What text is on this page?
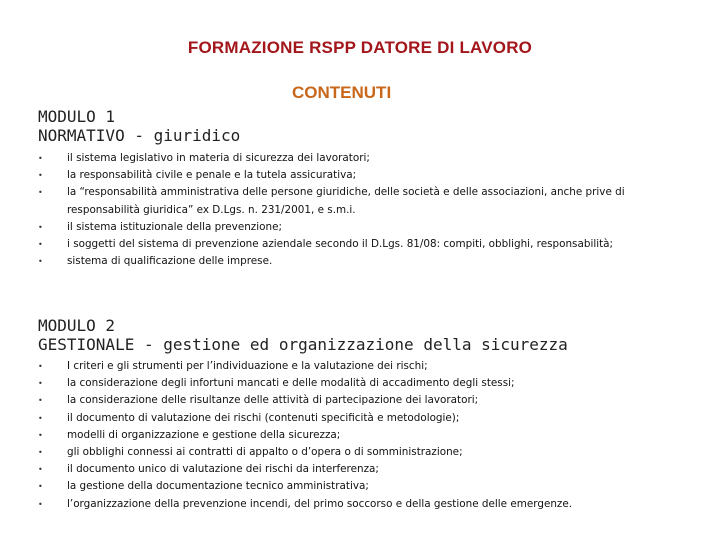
FORMAZIONE RSPP DATORE DI LAVORO
CONTENUTI
MODULO 1
NORMATIVO - giuridico
• il sistema legislativo in materia di sicurezza dei lavoratori;
• la responsabilità civile e penale e la tutela assicurativa;
• la “responsabilità amministrativa delle persone giuridiche, delle società e delle associazioni, anche prive di responsabilità giuridica” ex D.Lgs. n. 231/2001, e s.m.i.
• il sistema istituzionale della prevenzione;
• i soggetti del sistema di prevenzione aziendale secondo il D.Lgs. 81/08: compiti, obblighi, responsabilità;
• sistema di qualificazione delle imprese.
MODULO 2
GESTIONALE - gestione ed organizzazione della sicurezza
• I criteri e gli strumenti per l’individuazione e la valutazione dei rischi;
• la considerazione degli infortuni mancati e delle modalità di accadimento degli stessi;
• la considerazione delle risultanze delle attività di partecipazione dei lavoratori;
• il documento di valutazione dei rischi (contenuti specificità e metodologie);
• modelli di organizzazione e gestione della sicurezza;
• gli obblighi connessi ai contratti di appalto o d’opera o di somministrazione;
• il documento unico di valutazione dei rischi da interferenza;
• la gestione della documentazione tecnico amministrativa;
• l’organizzazione della prevenzione incendi, del primo soccorso e della gestione delle emergenze.
